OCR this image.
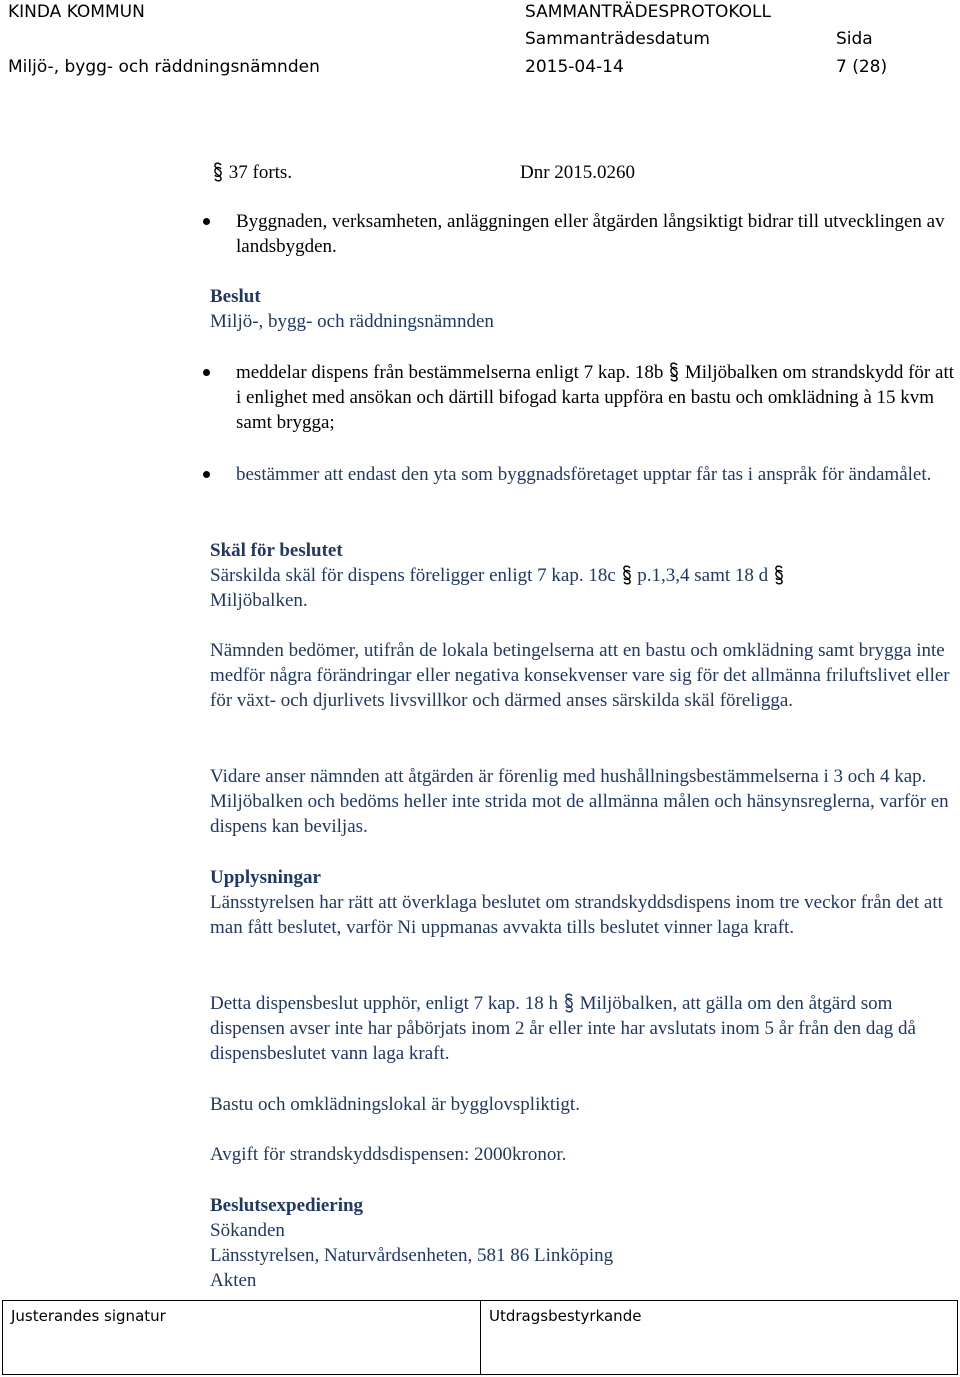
KINDA KOMMUN	SAMMANTRÄDESPROTOKOLL
Sammanträdesdatum	Sida
Miljö-, bygg- och räddningsnämnden	2015-04-14	7 (28)
37 forts.	Dnr 2015.0260

Byggnaden, verksamheten, anläggningen eller åtgärden långsiktigt bidrar till utvecklingen av landsbygden.

Beslut
Miljö-, bygg- och räddningsnämnden

meddelar dispens från bestämmelserna enligt 7 kap. 18b Miljöbalken om strandskydd för att i enlighet med ansökan och därtill bifogad karta uppföra en bastu och omklädning à 15 kvm samt brygga;

bestämmer att endast den yta som byggnadsföretaget upptar får tas i anspråk för ändamålet.

Skäl för beslutet
Särskilda skäl för dispens föreligger enligt 7 kap. 18c p.1,3,4 samt 18 d
Miljöbalken.

Nämnden bedömer, utifrån de lokala betingelserna att en bastu och omklädning samt brygga inte medför några förändringar eller negativa konsekvenser vare sig för det allmänna friluftslivet eller för växt- och djurlivets livsvillkor och därmed anses särskilda skäl föreligga.

Vidare anser nämnden att åtgärden är förenlig med hushållningsbestämmelserna i 3 och 4 kap. Miljöbalken och bedöms heller inte strida mot de allmänna målen och hänsynsreglerna, varför en dispens kan beviljas.

Upplysningar

Länsstyrelsen har rätt att överklaga beslutet om strandskyddsdispens inom tre veckor från det att man fått beslutet, varför Ni uppmanas avvakta tills beslutet vinner laga kraft.

Detta dispensbeslut upphör, enligt 7 kap. 18 h Miljöbalken, att gälla om den åtgärd som dispensen avser inte har påbörjats inom 2 år eller inte har avslutats inom 5 år från den dag då dispensbeslutet vann laga kraft.

Bastu och omklädningslokal är bygglovspliktigt.

Avgift för strandskyddsdispensen: 2000kronor.

Beslutsexpediering
Sökanden
Länsstyrelsen, Naturvårdsenheten, 581 86 Linköping
Akten
Justerandes signatur	Utdragsbestyrkande
